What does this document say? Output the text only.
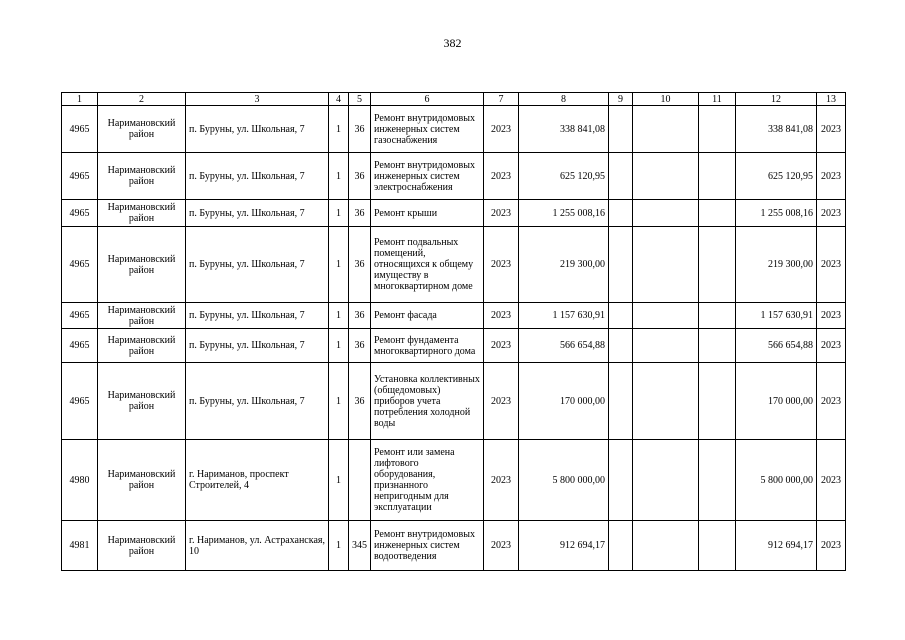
382
1	2	3	4	5	6	7	8	9	10	11	12	13
4965	Наримановский район	п. Буруны, ул. Школьная, 7	1	36	Ремонт внутридомовых инженерных систем газоснабжения	2023	338 841,08				338 841,08	2023
4965	Наримановский район	п. Буруны, ул. Школьная, 7	1	36	Ремонт внутридомовых инженерных систем электроснабжения	2023	625 120,95				625 120,95	2023
4965	Наримановский район	п. Буруны, ул. Школьная, 7	1	36	Ремонт крыши	2023	1 255 008,16				1 255 008,16	2023
4965	Наримановский район	п. Буруны, ул. Школьная, 7	1	36	Ремонт подвальных помещений, относящихся к общему имуществу в многоквартирном доме	2023	219 300,00				219 300,00	2023
4965	Наримановский район	п. Буруны, ул. Школьная, 7	1	36	Ремонт фасада	2023	1 157 630,91				1 157 630,91	2023
4965	Наримановский район	п. Буруны, ул. Школьная, 7	1	36	Ремонт фундамента многоквартирного дома	2023	566 654,88				566 654,88	2023
4965	Наримановский район	п. Буруны, ул. Школьная, 7	1	36	Установка коллективных (общедомовых) приборов учета потребления холодной воды	2023	170 000,00				170 000,00	2023
4980	Наримановский район	г. Нариманов, проспект Строителей, 4	1		Ремонт или замена лифтового оборудования, признанного непригодным для эксплуатации	2023	5 800 000,00				5 800 000,00	2023
4981	Наримановский район	г. Нариманов, ул. Астраханская, 10	1	345	Ремонт внутридомовых инженерных систем водоотведения	2023	912 694,17				912 694,17	2023
